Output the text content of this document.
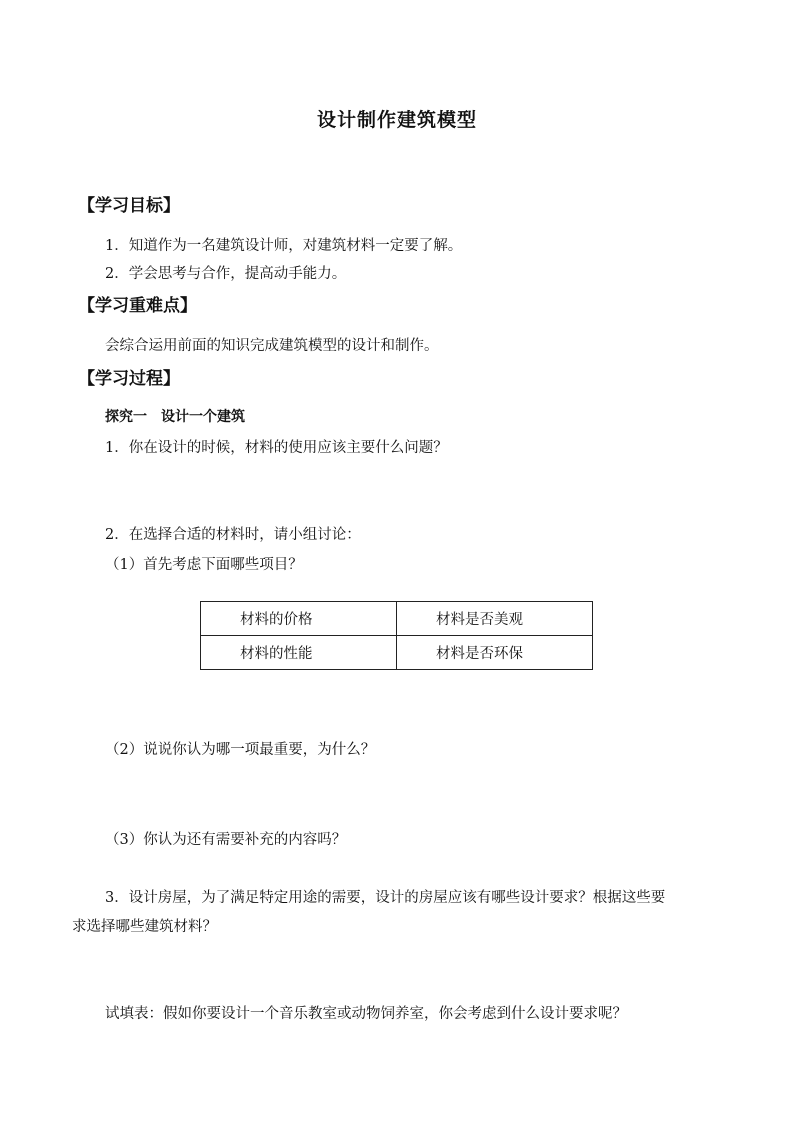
设计制作建筑模型
【学习目标】
1．知道作为一名建筑设计师，对建筑材料一定要了解。
2．学会思考与合作，提高动手能力。
【学习重难点】
会综合运用前面的知识完成建筑模型的设计和制作。
【学习过程】
探究一　设计一个建筑
1．你在设计的时候，材料的使用应该主要什么问题？
2．在选择合适的材料时，请小组讨论：
（1）首先考虑下面哪些项目？
材料的价格	材料是否美观
材料的性能	材料是否环保
（2）说说你认为哪一项最重要，为什么？
（3）你认为还有需要补充的内容吗？
3．设计房屋，为了满足特定用途的需要，设计的房屋应该有哪些设计要求？根据这些要
求选择哪些建筑材料？
试填表：假如你要设计一个音乐教室或动物饲养室，你会考虑到什么设计要求呢？
